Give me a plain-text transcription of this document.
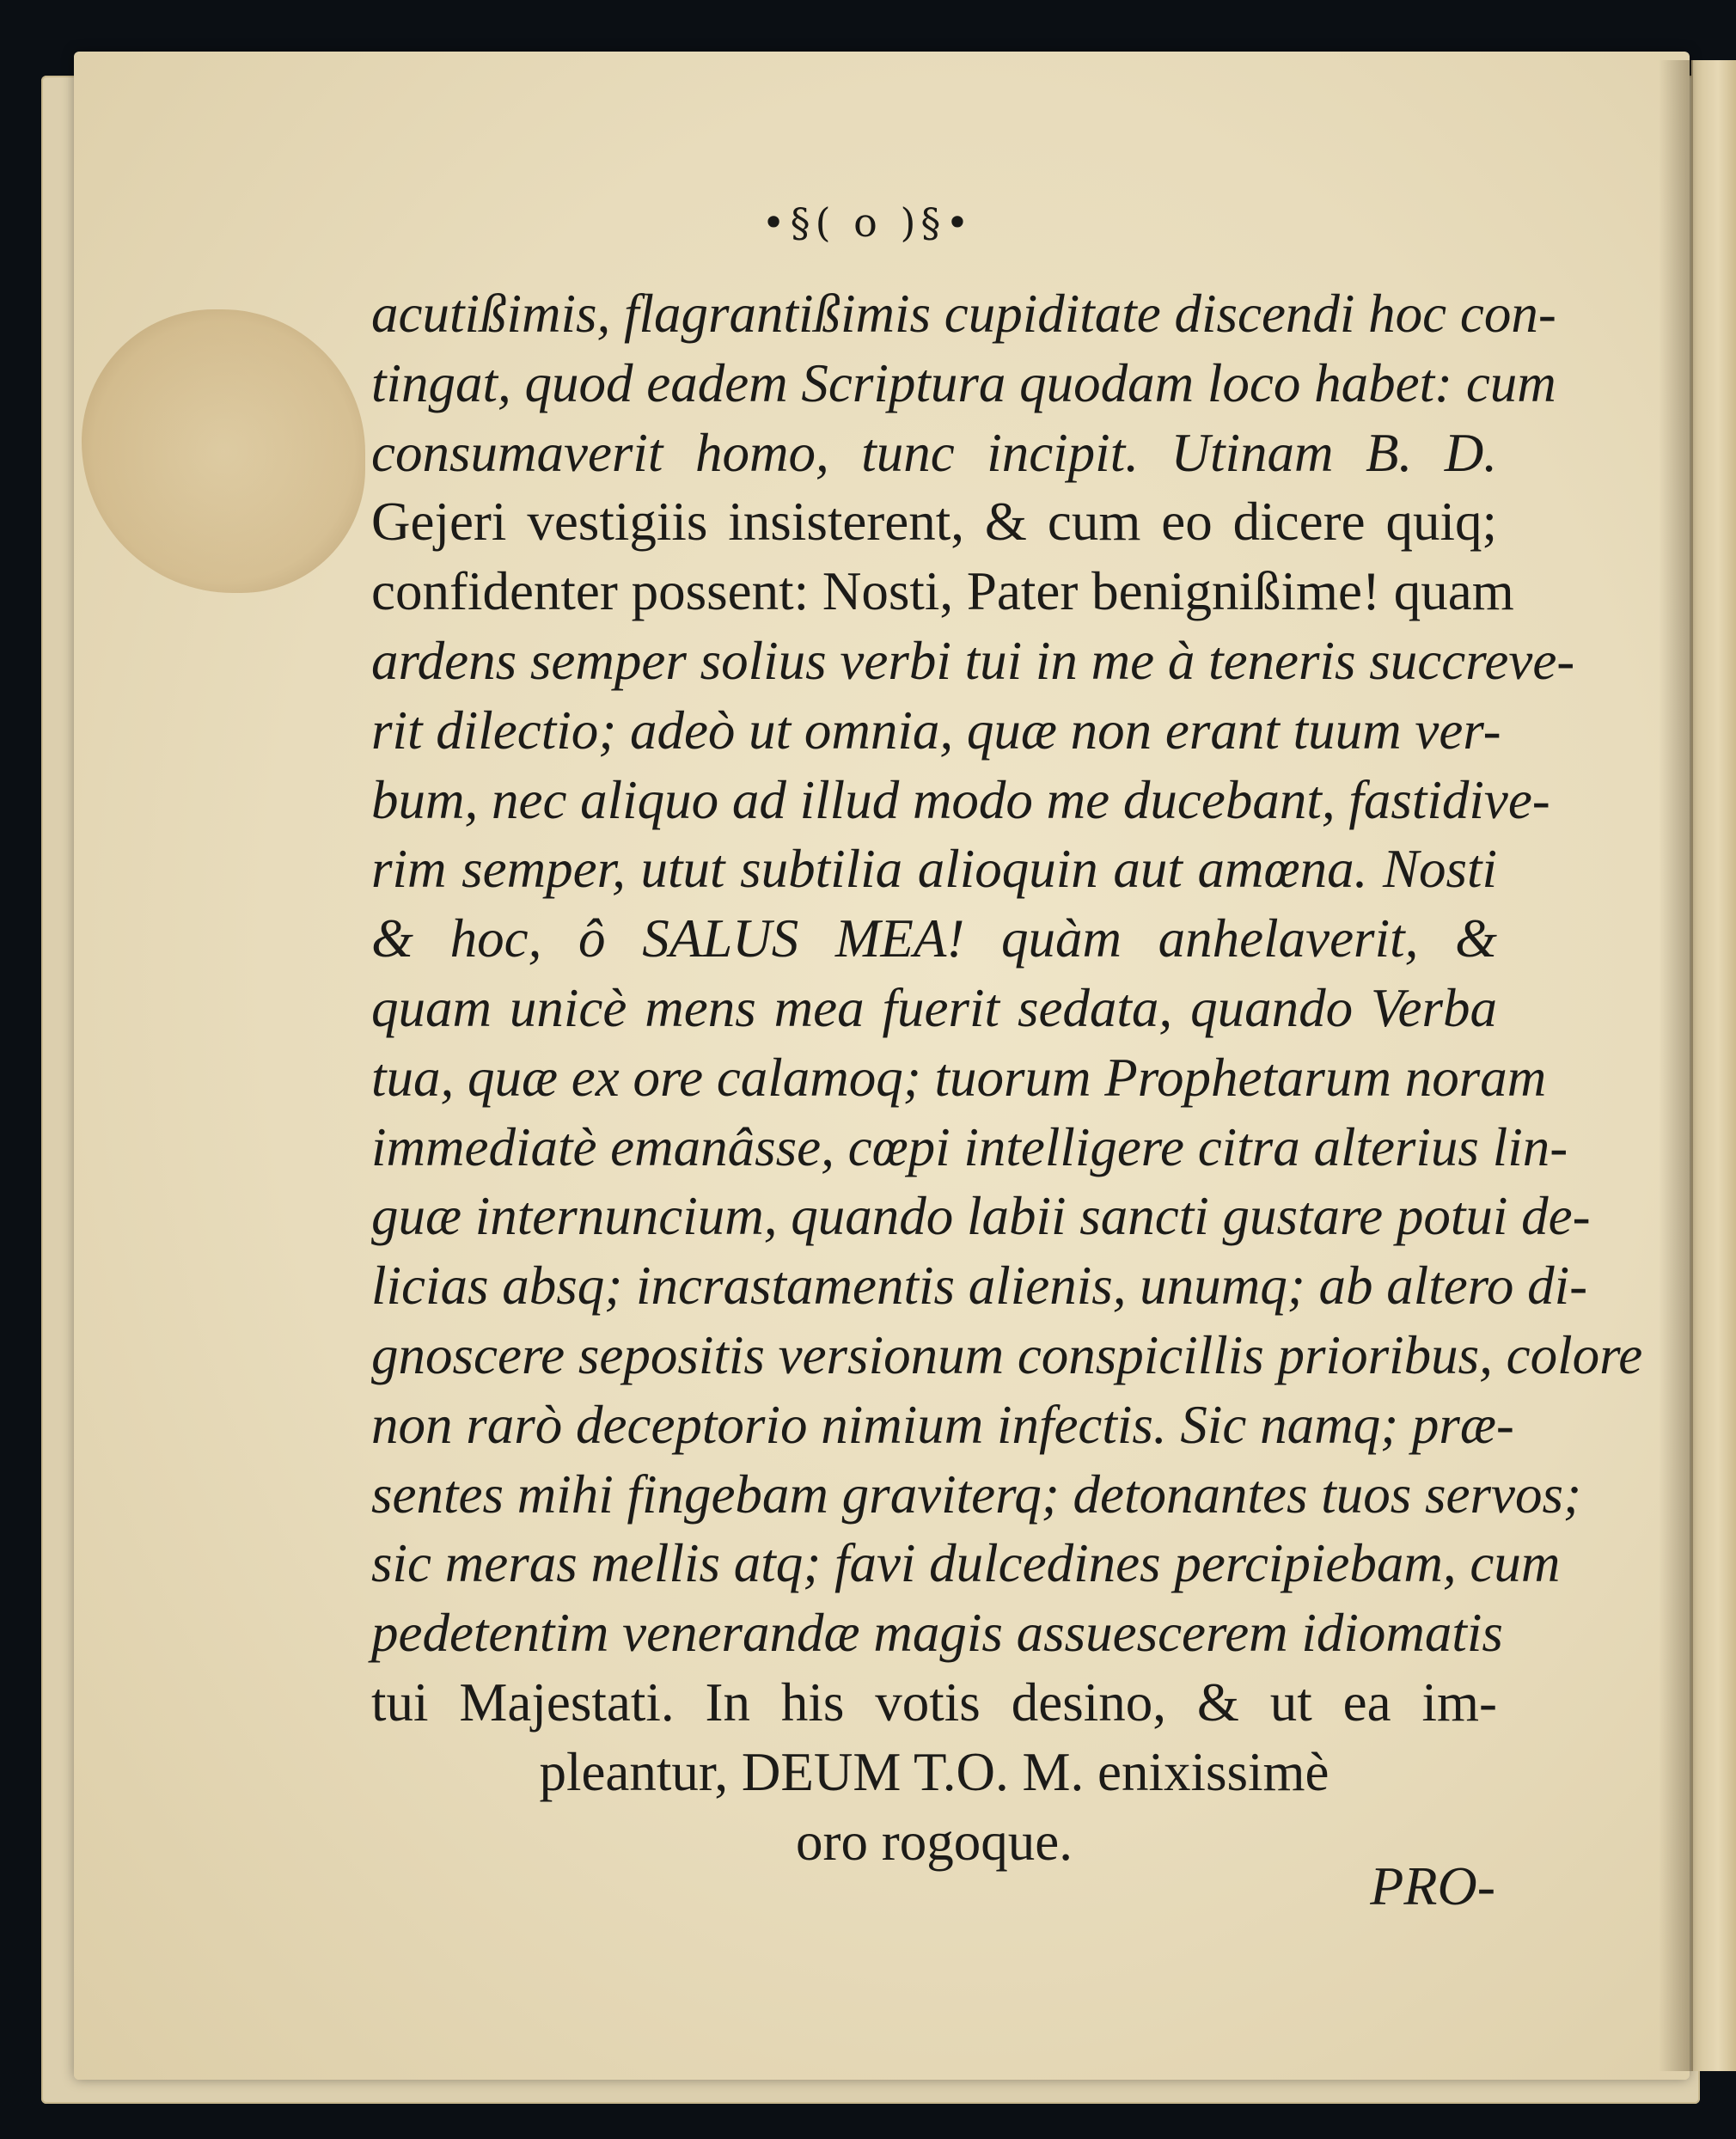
•§( o )§•
acutißimis, flagrantißimis cupiditate discendi hoc con-
tingat, quod eadem Scriptura quodam loco habet: cum
consumaverit homo, tunc incipit. Utinam B. D.
Gejeri vestigiis insisterent, & cum eo dicere quiq;
confidenter possent: Nosti, Pater benignißime! quam
ardens semper solius verbi tui in me à teneris succreve-
rit dilectio; adeò ut omnia, quæ non erant tuum ver-
bum, nec aliquo ad illud modo me ducebant, fastidive-
rim semper, utut subtilia alioquin aut amœna. Nosti
& hoc, ô SALUS MEA! quàm anhelaverit, &
quam unicè mens mea fuerit sedata, quando Verba
tua, quæ ex ore calamoq; tuorum Prophetarum noram
immediatè emanâsse, cœpi intelligere citra alterius lin-
guæ internuncium, quando labii sancti gustare potui de-
licias absq; incrastamentis alienis, unumq; ab altero di-
gnoscere sepositis versionum conspicillis prioribus, colore
non rarò deceptorio nimium infectis. Sic namq; præ-
sentes mihi fingebam graviterq; detonantes tuos servos;
sic meras mellis atq; favi dulcedines percipiebam, cum
pedetentim venerandæ magis assuescerem idiomatis
tui Majestati. In his votis desino, & ut ea im-
pleantur, DEUM T.O. M. enixissimè
oro rogoque.
PRO-
